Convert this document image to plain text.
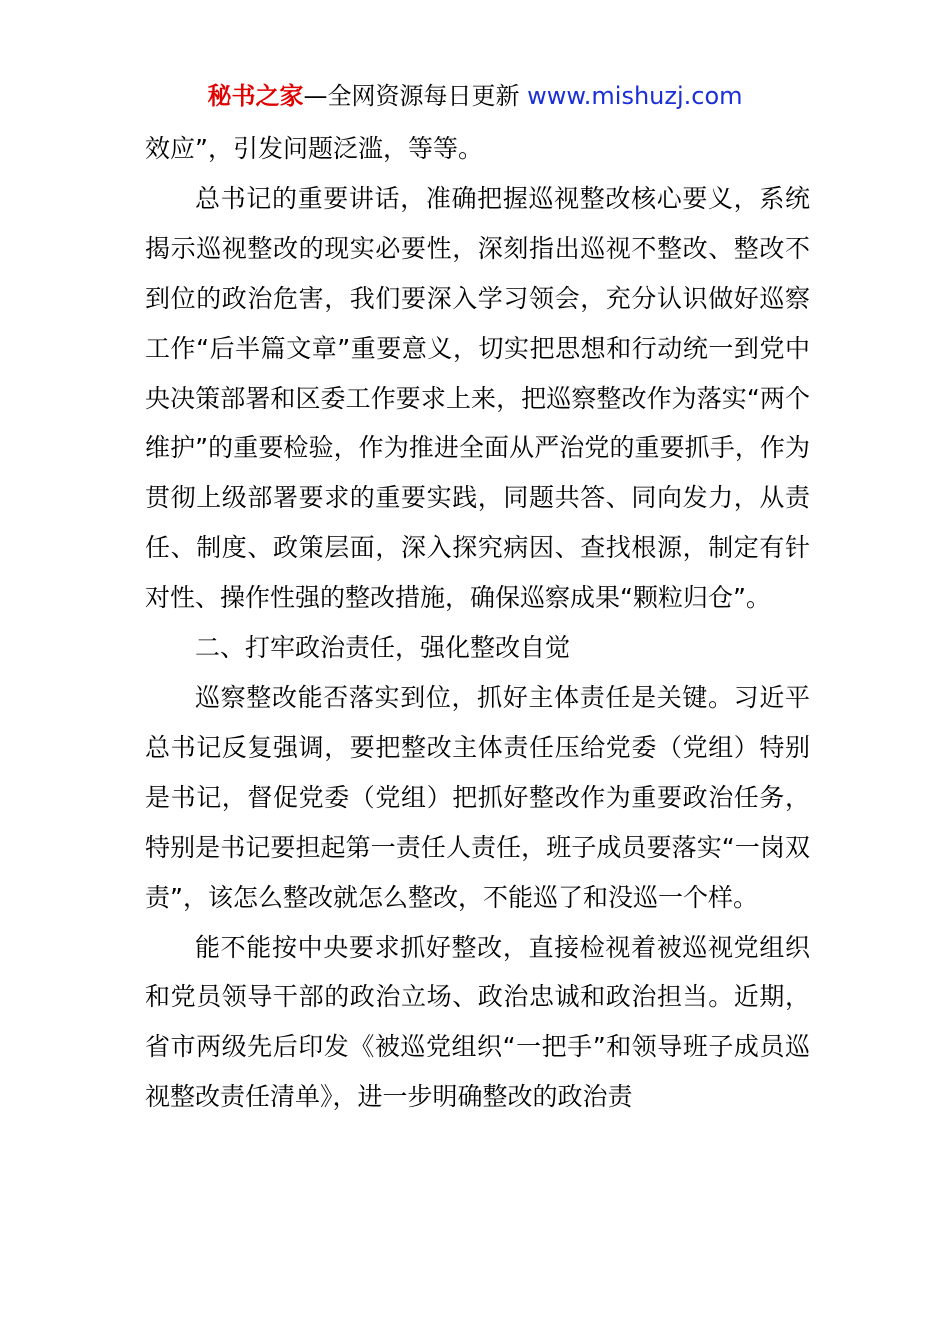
秘书之家—全网资源每日更新 www.mishuzj.com

效应”，引发问题泛滥，等等。

总书记的重要讲话，准确把握巡视整改核心要义，系统揭示巡视整改的现实必要性，深刻指出巡视不整改、整改不到位的政治危害，我们要深入学习领会，充分认识做好巡察工作“后半篇文章”重要意义，切实把思想和行动统一到党中央决策部署和区委工作要求上来，把巡察整改作为落实“两个维护”的重要检验，作为推进全面从严治党的重要抓手，作为贯彻上级部署要求的重要实践，同题共答、同向发力，从责任、制度、政策层面，深入探究病因、查找根源，制定有针对性、操作性强的整改措施，确保巡察成果“颗粒归仓”。

二、打牢政治责任，强化整改自觉

巡察整改能否落实到位，抓好主体责任是关键。习近平总书记反复强调，要把整改主体责任压给党委（党组）特别是书记，督促党委（党组）把抓好整改作为重要政治任务，特别是书记要担起第一责任人责任，班子成员要落实“一岗双责”，该怎么整改就怎么整改，不能巡了和没巡一个样。

能不能按中央要求抓好整改，直接检视着被巡视党组织和党员领导干部的政治立场、政治忠诚和政治担当。近期，省市两级先后印发《被巡党组织“一把手”和领导班子成员巡视整改责任清单》，进一步明确整改的政治责
